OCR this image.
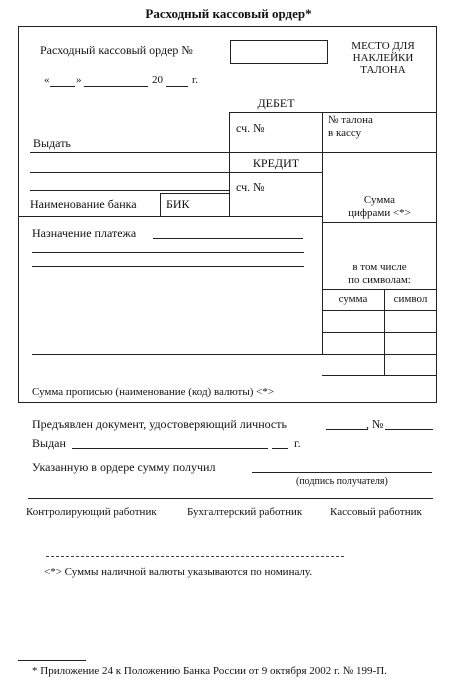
Расходный кассовый ордер*
Расходный кассовый ордер №	МЕСТО ДЛЯ
НАКЛЕЙКИ
ТАЛОНА
« »	20	г.
ДЕБЕТ
сч. №
№ талона
в кассу
Выдать
КРЕДИТ
сч. №
Наименование банка БИК	Сумма
цифрами <*>
Назначение платежа
в том числе
по символам:
сумма	символ
Сумма прописью (наименование (код) валюты) <*>
Предъявлен документ, удостоверяющий личность	, №
Выдан	г.
Указанную в ордере сумму получил
(подпись получателя)
Контролирующий работник	Бухгалтерский работник	Кассовый работник
<*> Суммы наличной валюты указываются по номиналу.
* Приложение 24 к Положению Банка России от 9 октября 2002 г. № 199-П.
